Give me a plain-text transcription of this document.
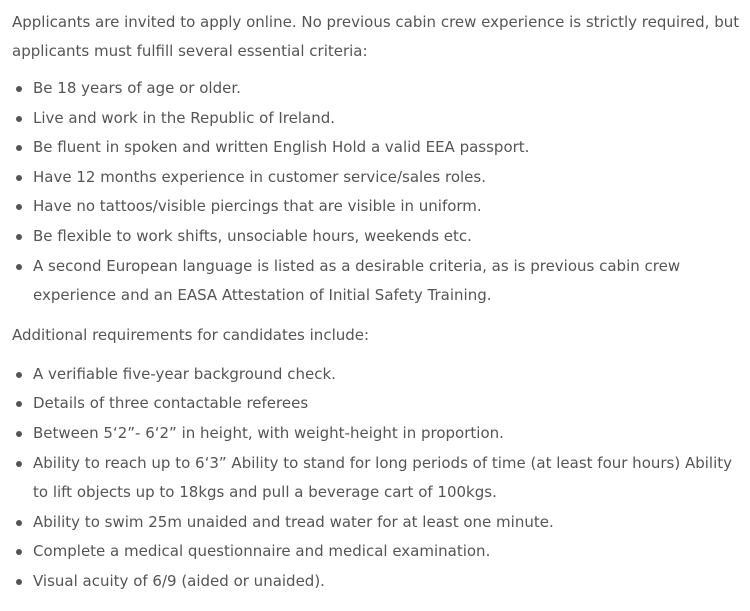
Applicants are invited to apply online. No previous cabin crew experience is strictly required, but applicants must fulfill several essential criteria:

Be 18 years of age or older.
Live and work in the Republic of Ireland.
Be fluent in spoken and written English Hold a valid EEA passport.
Have 12 months experience in customer service/sales roles.
Have no tattoos/visible piercings that are visible in uniform.
Be flexible to work shifts, unsociable hours, weekends etc.
A second European language is listed as a desirable criteria, as is previous cabin crew experience and an EASA Attestation of Initial Safety Training.

Additional requirements for candidates include:

A verifiable five-year background check.
Details of three contactable referees
Between 5‘2”- 6‘2” in height, with weight-height in proportion.
Ability to reach up to 6‘3” Ability to stand for long periods of time (at least four hours) Ability to lift objects up to 18kgs and pull a beverage cart of 100kgs.
Ability to swim 25m unaided and tread water for at least one minute.
Complete a medical questionnaire and medical examination.
Visual acuity of 6/9 (aided or unaided).
